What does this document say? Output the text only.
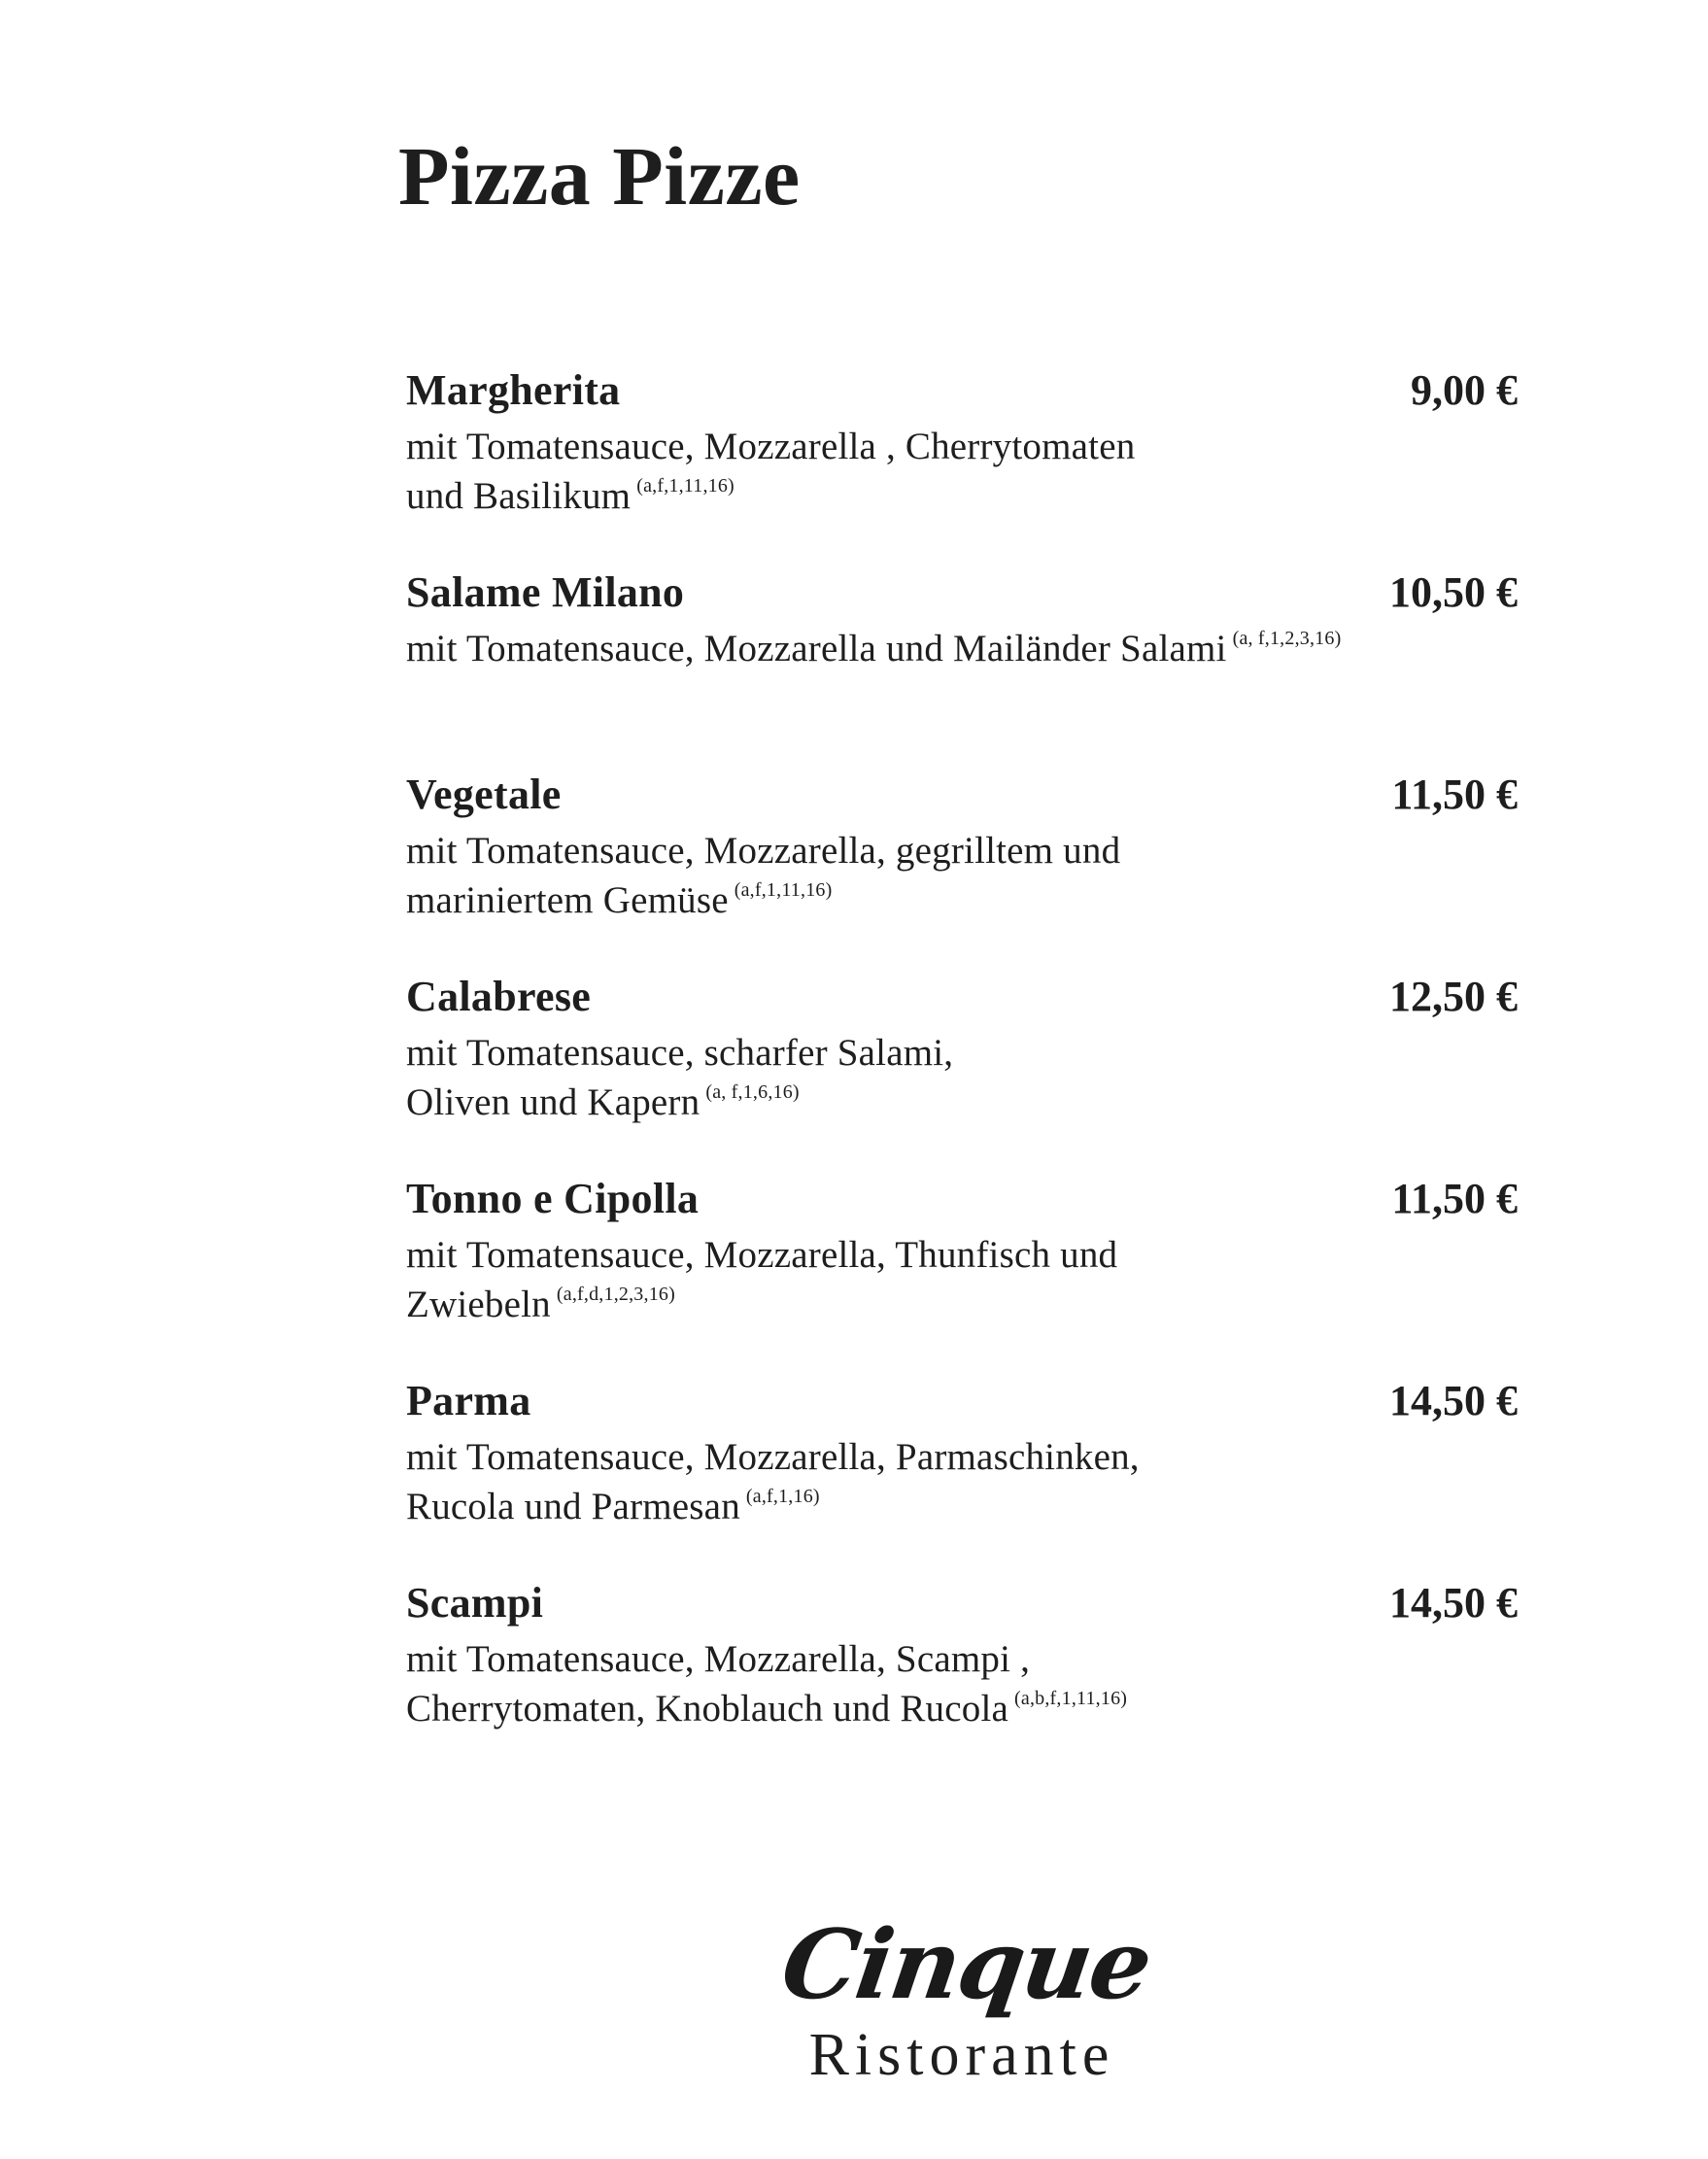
Pizza Pizze
Margherita	9,00 €
mit Tomatensauce, Mozzarella , Cherrytomaten
und Basilikum $^{(a,f,1,11,16)}$
Salame Milano	10,50 €
mit Tomatensauce, Mozzarella und Mailänder Salami $^{(a, f,1,2,3,16)}$
Vegetale	11,50 €
mit Tomatensauce, Mozzarella, gegrilltem und
mariniertem Gemüse $^{(a,f,1,11,16)}$
Calabrese	12,50 €
mit Tomatensauce, scharfer Salami,
Oliven und Kapern $^{(a, f,1,6,16)}$
Tonno e Cipolla	11,50 €
mit Tomatensauce, Mozzarella, Thunfisch und
Zwiebeln $^{(a,f,d,1,2,3,16)}$
Parma	14,50 €
mit Tomatensauce, Mozzarella, Parmaschinken,
Rucola und Parmesan $^{(a,f,1,16)}$
Scampi	14,50 €
mit Tomatensauce, Mozzarella, Scampi ,
Cherrytomaten, Knoblauch und Rucola $^{(a,b,f,1,11,16)}$
Cinque
Ristorante
